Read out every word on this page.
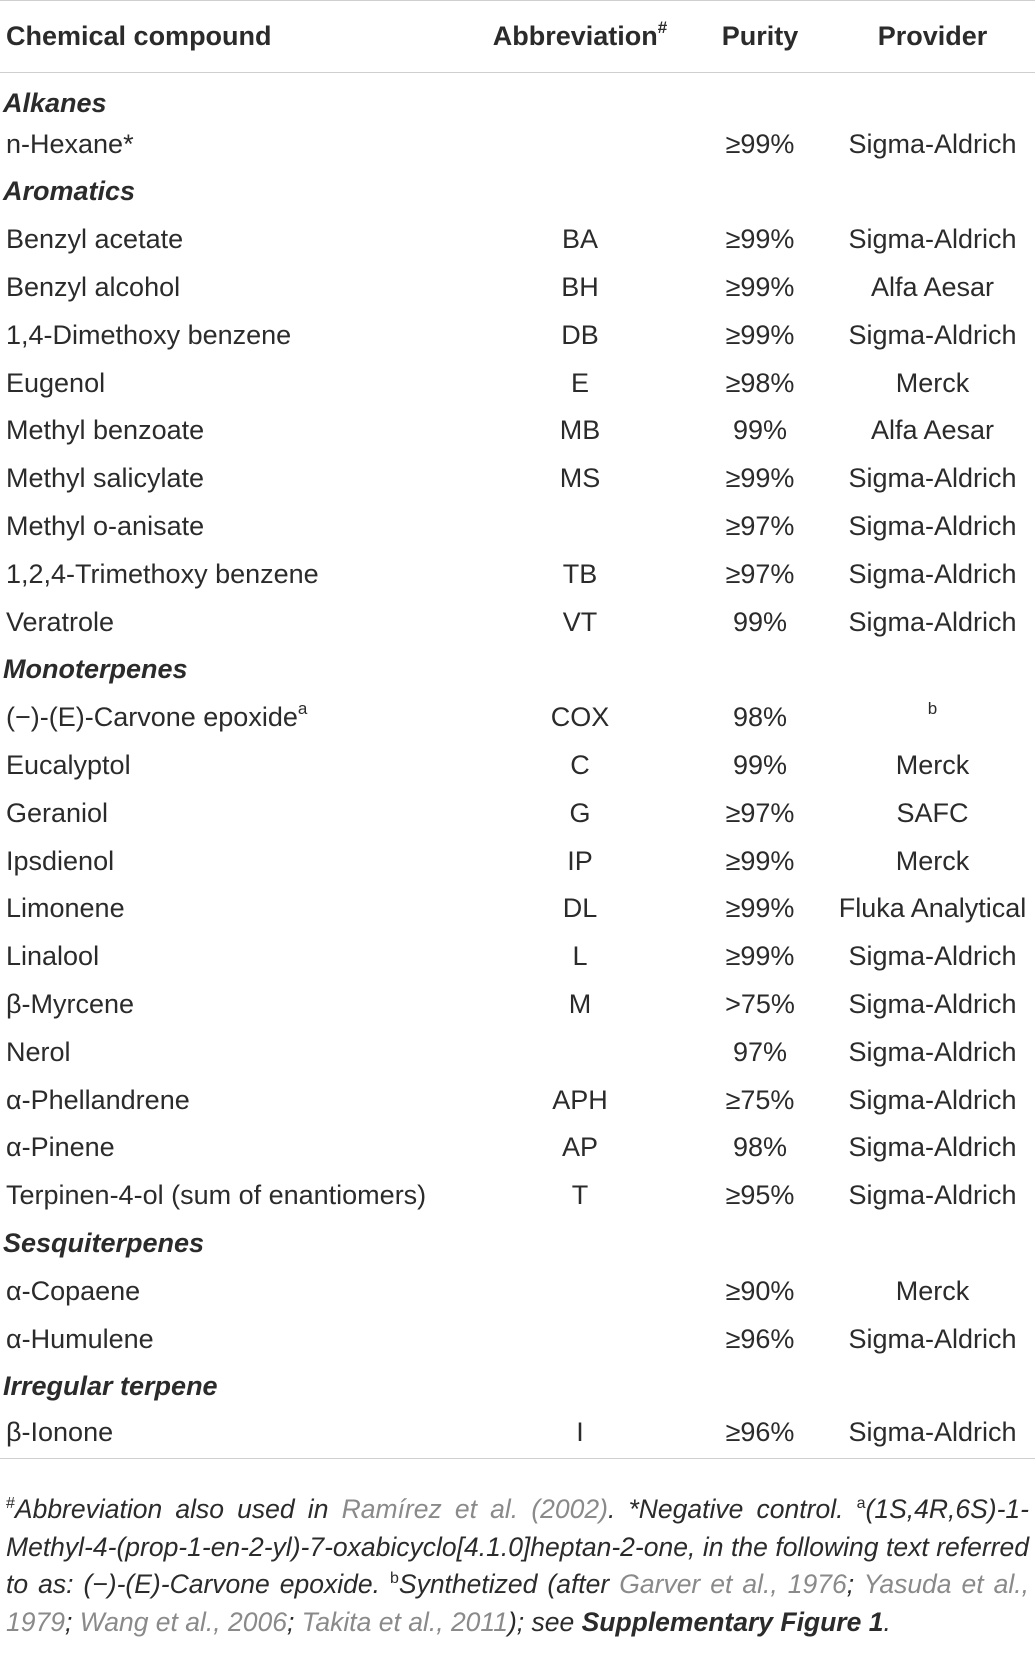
Chemical compound	Abbreviation#	Purity	Provider
Alkanes			
n-Hexane*		≥99%	Sigma-Aldrich
Aromatics			
Benzyl acetate	BA	≥99%	Sigma-Aldrich
Benzyl alcohol	BH	≥99%	Alfa Aesar
1,4-Dimethoxy benzene	DB	≥99%	Sigma-Aldrich
Eugenol	E	≥98%	Merck
Methyl benzoate	MB	99%	Alfa Aesar
Methyl salicylate	MS	≥99%	Sigma-Aldrich
Methyl o-anisate		≥97%	Sigma-Aldrich
1,2,4-Trimethoxy benzene	TB	≥97%	Sigma-Aldrich
Veratrole	VT	99%	Sigma-Aldrich
Monoterpenes			
(−)-(E)-Carvone epoxide$^a$	COX	98%	$^b$
Eucalyptol	C	99%	Merck
Geraniol	G	≥97%	SAFC
Ipsdienol	IP	≥99%	Merck
Limonene	DL	≥99%	Fluka Analytical
Linalool	L	≥99%	Sigma-Aldrich
β-Myrcene	M	>75%	Sigma-Aldrich
Nerol		97%	Sigma-Aldrich
α-Phellandrene	APH	≥75%	Sigma-Aldrich
α-Pinene	AP	98%	Sigma-Aldrich
Terpinen-4-ol (sum of enantiomers)	T	≥95%	Sigma-Aldrich
Sesquiterpenes			
α-Copaene		≥90%	Merck
α-Humulene		≥96%	Sigma-Aldrich
Irregular terpene			
β-Ionone	I	≥96%	Sigma-Aldrich
#Abbreviation also used in Ramírez et al. (2002). *Negative control. $^a$(1S,4R,6S)-1-Methyl-4-(prop-1-en-2-yl)-7-oxabicyclo[4.1.0]heptan-2-one, in the following text referred to as: (−)-(E)-Carvone epoxide. $^b$Synthetized (after Garver et al., 1976; Yasuda et al., 1979; Wang et al., 2006; Takita et al., 2011); see Supplementary Figure 1.
